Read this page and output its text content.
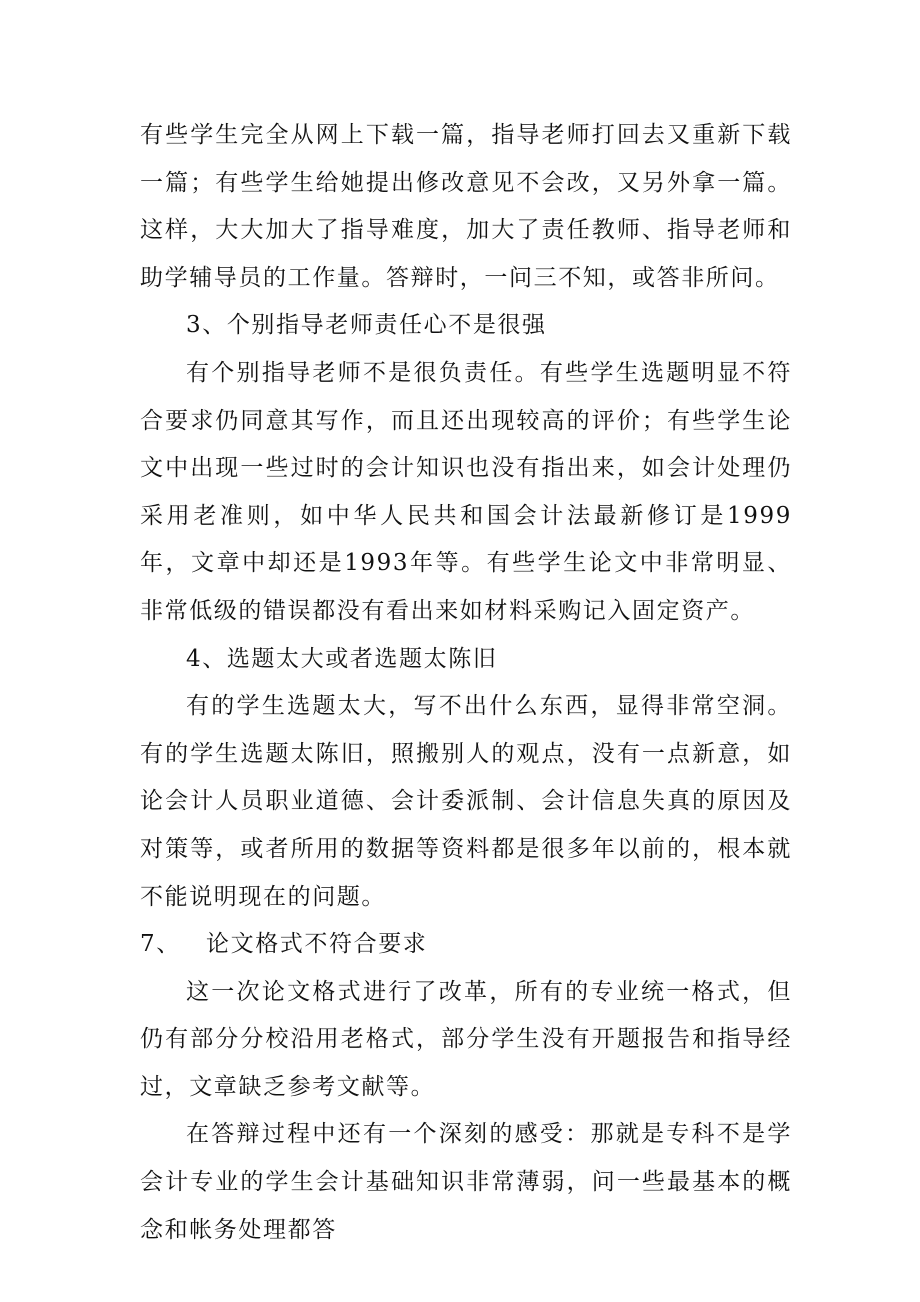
有些学生完全从网上下载一篇，指导老师打回去又重新下载一篇；有些学生给她提出修改意见不会改，又另外拿一篇。这样，大大加大了指导难度，加大了责任教师、指导老师和助学辅导员的工作量。答辩时，一问三不知，或答非所问。

3、个别指导老师责任心不是很强

有个别指导老师不是很负责任。有些学生选题明显不符合要求仍同意其写作，而且还出现较高的评价；有些学生论文中出现一些过时的会计知识也没有指出来，如会计处理仍采用老准则，如中华人民共和国会计法最新修订是1999年，文章中却还是1993年等。有些学生论文中非常明显、非常低级的错误都没有看出来如材料采购记入固定资产。

4、选题太大或者选题太陈旧

有的学生选题太大，写不出什么东西，显得非常空洞。有的学生选题太陈旧，照搬别人的观点，没有一点新意，如论会计人员职业道德、会计委派制、会计信息失真的原因及对策等，或者所用的数据等资料都是很多年以前的，根本就不能说明现在的问题。

7、 论文格式不符合要求

这一次论文格式进行了改革，所有的专业统一格式，但仍有部分分校沿用老格式，部分学生没有开题报告和指导经过，文章缺乏参考文献等。

在答辩过程中还有一个深刻的感受：那就是专科不是学会计专业的学生会计基础知识非常薄弱，问一些最基本的概念和帐务处理都答
